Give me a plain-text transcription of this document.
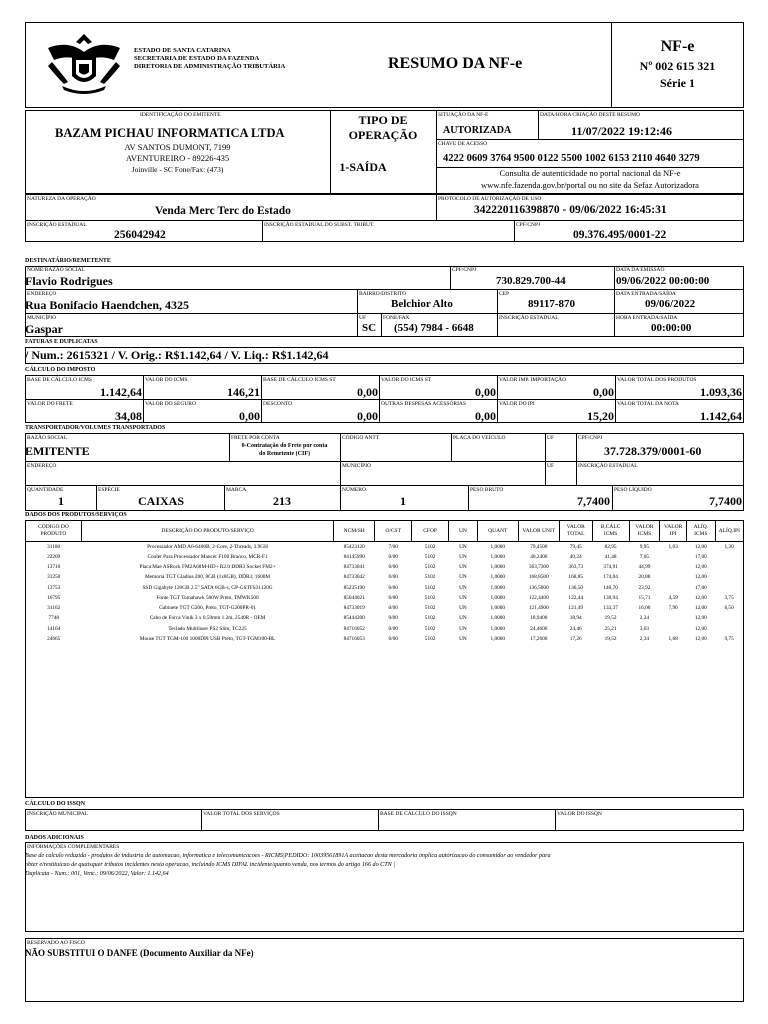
ESTADO DE SANTA CATARINA
SECRETARIA DE ESTADO DA FAZENDA
DIRETORIA DE ADMINISTRAÇÃO TRIBUTÁRIA	RESUMO DA NF-e
NF-e
Nº 002 615 321
Série 1
IDENTIFICAÇÃO DO EMITENTE
BAZAM PICHAU INFORMATICA LTDA
AV SANTOS DUMONT, 7199
AVENTUREIRO - 89226-435
Joinville - SC Fone/Fax: (473)
TIPO DE
OPERAÇÃO
1-SAÍDA
SITUAÇÃO DA NF-E
AUTORIZADA
DATA/HORA CRIAÇÃO DESTE RESUMO
11/07/2022 19:12:46
CHAVE DE ACESSO
4222 0609 3764 9500 0122 5500 1002 6153 2110 4640 3279
Consulta de autenticidade no portal nacional da NF-e
www.nfe.fazenda.gov.br/portal ou no site da Sefaz Autorizadora
NATUREZA DA OPERAÇÃO
Venda Merc Terc do Estado
PROTOCOLO DE AUTORIZAÇÃO DE USO
342220116398870 - 09/06/2022 16:45:31
INSCRIÇÃO ESTADUAL
256042942
INSCRIÇÃO ESTADUAL DO SUBST. TRIBUT.	CPF/CNPJ
09.376.495/0001-22
DESTINATÁRIO/REMETENTE
NOME/RAZÃO SOCIAL
Flavio Rodrigues
CPF/CNPJ
730.829.700-44
DATA DA EMISSÃO
09/06/2022 00:00:00
ENDEREÇO
Rua Bonifacio Haendchen, 4325
BAIRRO/DISTRITO
Belchior Alto
CEP
89117-870
DATA ENTRADA/SAÍDA
09/06/2022
MUNICÍPIO
Gaspar
UF
SC
FONE/FAX
(554) 7984 - 6648
INSCRIÇÃO ESTADUAL	HORA ENTRADA/SAÍDA
00:00:00
FATURAS E DUPLICATAS
/ Num.: 2615321 / V. Orig.: R$1.142,64 / V. Liq.: R$1.142,64
CÁLCULO DO IMPOSTO
BASE DE CÁLCULO ICMS
1.142,64
VALOR DO ICMS
146,21
BASE DE CÁLCULO ICMS ST
0,00
VALOR DO ICMS ST
0,00
VALOR IMP. IMPORTAÇÃO
0,00
VALOR TOTAL DOS PRODUTOS
1.093,36
VALOR DO FRETE
34,08
VALOR DO SEGURO
0,00
DESCONTO
0,00
OUTRAS DESPESAS ACESSÓRIAS
0,00
VALOR DO IPI
15,20
VALOR TOTAL DA NOTA
1.142,64
TRANSPORTADOR/VOLUMES TRANSPORTADOS
RAZÃO SOCIAL
EMITENTE
FRETE POR CONTA
0-Contratação do Frete por conta
do Remetente (CIF)
CÓDIGO ANTT	PLACA DO VEÍCULO	UF	CPF/CNPJ
37.728.379/0001-60
ENDEREÇO	MUNICÍPIO	UF	INSCRIÇÃO ESTADUAL
QUANTIDADE
1
ESPÉCIE
CAIXAS
MARCA
213
NÚMERO
1
PESO BRUTO
7,7400
PESO LÍQUIDO
7,7400
DADOS DOS PRODUTOS/SERVIÇOS
CÓDIGO DO PRODUTO	DESCRIÇÃO DO PRODUTO/SERVIÇO	NCM/SH	O/CST	CFOP	UN	QUANT	VALOR UNIT	VALOR TOTAL	B.CÁLC ICMS	VALOR ICMS	VALOR IPI	ALÍQ. ICMS	ALÍQ.IPI
31180	Processador AMD A6-6400B, 2-Core, 2-Threads, 3.9GH	85423120	7/00	5102	UN	1,0000	79,4500	79,45	82,95	9,95	1,03	12,00	1,30
22209	Cooler Para Processador Mancer F100 Branco, MCR-F1	84145990	0/00	5102	UN	1,0000	40,2400	40,24	41,48	7,05		17,00	
13710	Placa Mae ASRock FM2A68M-HD+ R2.0 DDR3 Socket FM2+	84733041	0/00	5102	UN	1,0000	363,7300	363,73	374,91	44,99		12,00	
31250	Memoria TGT Gladius 200, 8GB (1x8GB), DDR3, 1600M	84733042	0/00	5102	UN	1,0000	168,8500	168,85	174,04	20,88		12,00	
13753	SSD Gigabyte 120GB 2.5" SATA 6GB-s, GP-GSTFS31120G	85235190	0/00	5102	UN	1,0000	136,5000	136,50	140,70	23,92		17,00	
16795	Fonte TGT Tomahawk 500W Preto, TMWK500	85044021	0/00	5102	UN	1,0000	122,4400	122,44	130,94	15,71	4,59	12,00	3,75
31162	Gabinete TGT G200, Preto, TGT-G200PR-01	84733019	0/00	5102	UN	1,0000	121,4900	121,49	133,37	16,00	7,90	12,00	6,50
7748	Cabo de Forca Vinik 3 x 0,50mm 1.2m, 2540R - OEM	85444200	0/00	5102	UN	1,0000	18,9400	18,94	19,52	2,34		12,00	
14164	Teclado Multilaser PS2 Slim, TC225	84716052	0/00	5102	UN	1,0000	24,4600	24,46	25,21	3,03		12,00	
24665	Mouse TGT TGM-100 1000DPI USB Preto, TGT-TGM100-BL	84716053	0/00	5102	UN	1,0000	17,2600	17,26	19,52	2,34	1,68	12,00	9,75
CÁLCULO DO ISSQN
INSCRIÇÃO MUNICIPAL	VALOR TOTAL DOS SERVIÇOS	BASE DE CÁLCULO DO ISSQN	VALOR DO ISSQN
DADOS ADICIONAIS
INFORMAÇÕES COMPLEMENTARES
Base de calculo reduzida - produtos de industria de automacao, informatica e telecomunicacoes - RICMS|PEDIDO: 10039561891A aceitacao desta mercadoria implica autorizacao do consumidor ao vendedor para
obter e/restituicao de quaisquer tributos incidentes nesta operacao, incluindo ICMS DIFAL incidente/quanto venda, nos termos do artigo 166 do CTN |
Duplicata - Num.: 001, Venc.: 09/06/2022, Valor: 1.142,64
RESERVADO AO FISCO
NÃO SUBSTITUI O DANFE (Documento Auxiliar da NFe)
